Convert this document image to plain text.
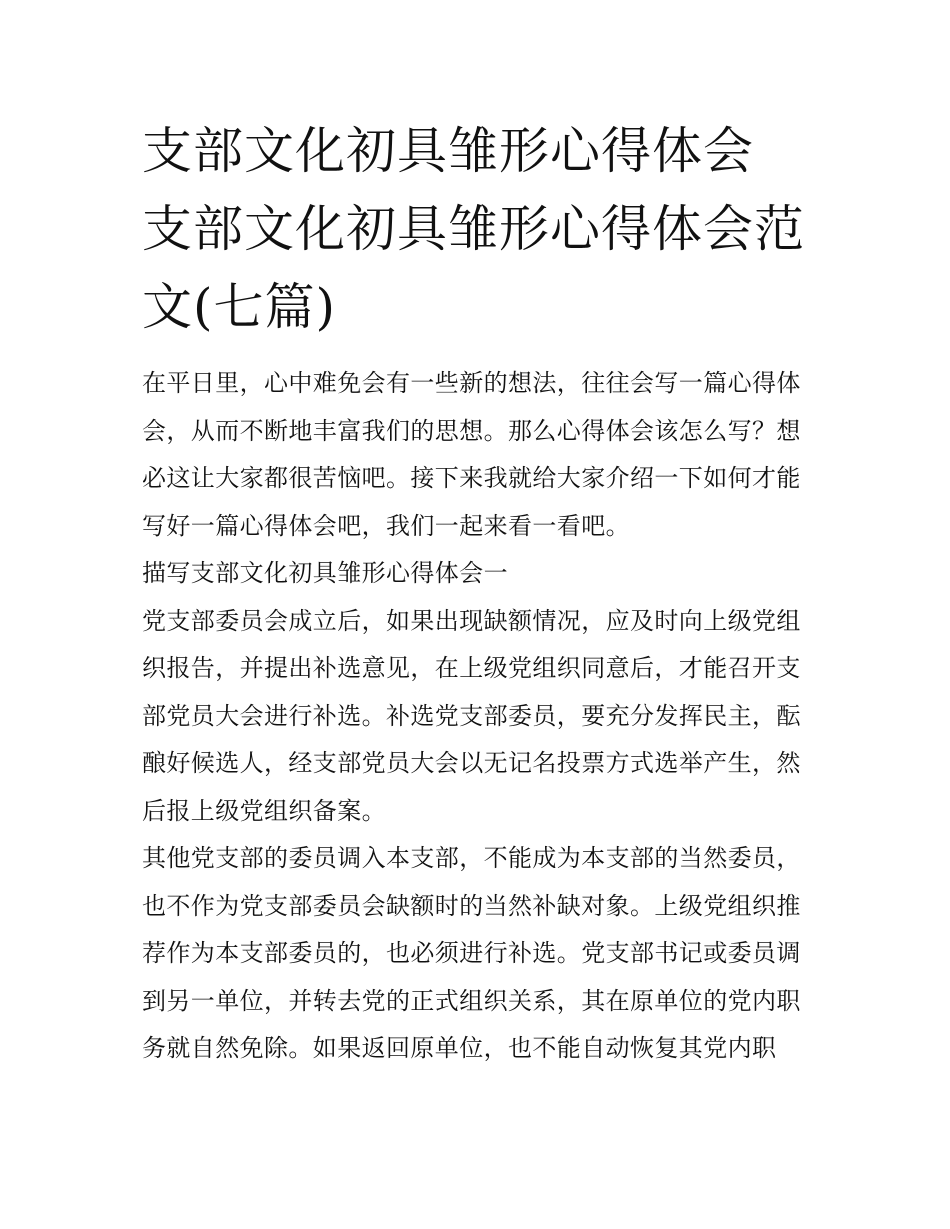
支部文化初具雏形心得体会 支部文化初具雏形心得体会范文(七篇)

在平日里，心中难免会有一些新的想法，往往会写一篇心得体会，从而不断地丰富我们的思想。那么心得体会该怎么写？想必这让大家都很苦恼吧。接下来我就给大家介绍一下如何才能写好一篇心得体会吧，我们一起来看一看吧。

描写支部文化初具雏形心得体会一

党支部委员会成立后，如果出现缺额情况，应及时向上级党组织报告，并提出补选意见，在上级党组织同意后，才能召开支部党员大会进行补选。补选党支部委员，要充分发挥民主，酝酿好候选人，经支部党员大会以无记名投票方式选举产生，然后报上级党组织备案。

其他党支部的委员调入本支部，不能成为本支部的当然委员，也不作为党支部委员会缺额时的当然补缺对象。上级党组织推荐作为本支部委员的，也必须进行补选。党支部书记或委员调到另一单位，并转去党的正式组织关系，其在原单位的党内职务就自然免除。如果返回原单位，也不能自动恢复其党内职
